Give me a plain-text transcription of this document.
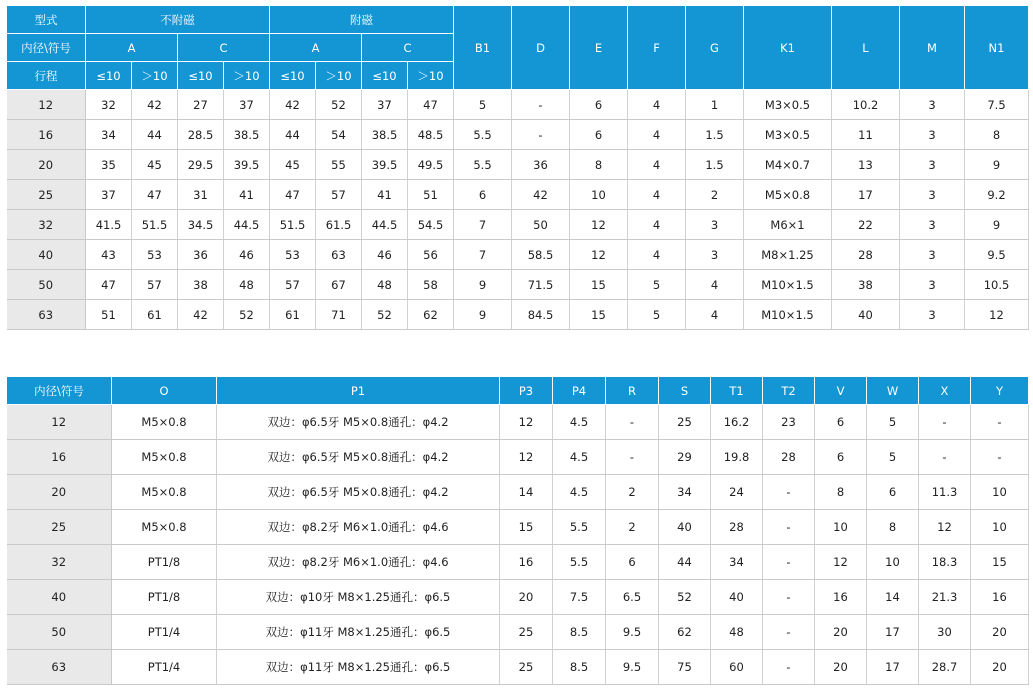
型式	不附磁				附磁				B1	D	E	F	G	K1	L	M	N1
内径\符号	A		C		A		C										
行程	≤10	＞10	≤10	＞10	≤10	＞10	≤10	＞10									
12	32	42	27	37	42	52	37	47	5	-	6	4	1	M3×0.5	10.2	3	7.5
16	34	44	28.5	38.5	44	54	38.5	48.5	5.5	-	6	4	1.5	M3×0.5	11	3	8
20	35	45	29.5	39.5	45	55	39.5	49.5	5.5	36	8	4	1.5	M4×0.7	13	3	9
25	37	47	31	41	47	57	41	51	6	42	10	4	2	M5×0.8	17	3	9.2
32	41.5	51.5	34.5	44.5	51.5	61.5	44.5	54.5	7	50	12	4	3	M6×1	22	3	9
40	43	53	36	46	53	63	46	56	7	58.5	12	4	3	M8×1.25	28	3	9.5
50	47	57	38	48	57	67	48	58	9	71.5	15	5	4	M10×1.5	38	3	10.5
63	51	61	42	52	61	71	52	62	9	84.5	15	5	4	M10×1.5	40	3	12
内径\符号	O	P1	P3	P4	R	S	T1	T2	V	W	X	Y
12	M5×0.8	双边：φ6.5牙 M5×0.8通孔：φ4.2	12	4.5	-	25	16.2	23	6	5	-	-
16	M5×0.8	双边：φ6.5牙 M5×0.8通孔：φ4.2	12	4.5	-	29	19.8	28	6	5	-	-
20	M5×0.8	双边：φ6.5牙 M5×0.8通孔：φ4.2	14	4.5	2	34	24	-	8	6	11.3	10
25	M5×0.8	双边：φ8.2牙 M6×1.0通孔：φ4.6	15	5.5	2	40	28	-	10	8	12	10
32	PT1/8	双边：φ8.2牙 M6×1.0通孔：φ4.6	16	5.5	6	44	34	-	12	10	18.3	15
40	PT1/8	双边：φ10牙 M8×1.25通孔：φ6.5	20	7.5	6.5	52	40	-	16	14	21.3	16
50	PT1/4	双边：φ11牙 M8×1.25通孔：φ6.5	25	8.5	9.5	62	48	-	20	17	30	20
63	PT1/4	双边：φ11牙 M8×1.25通孔：φ6.5	25	8.5	9.5	75	60	-	20	17	28.7	20
